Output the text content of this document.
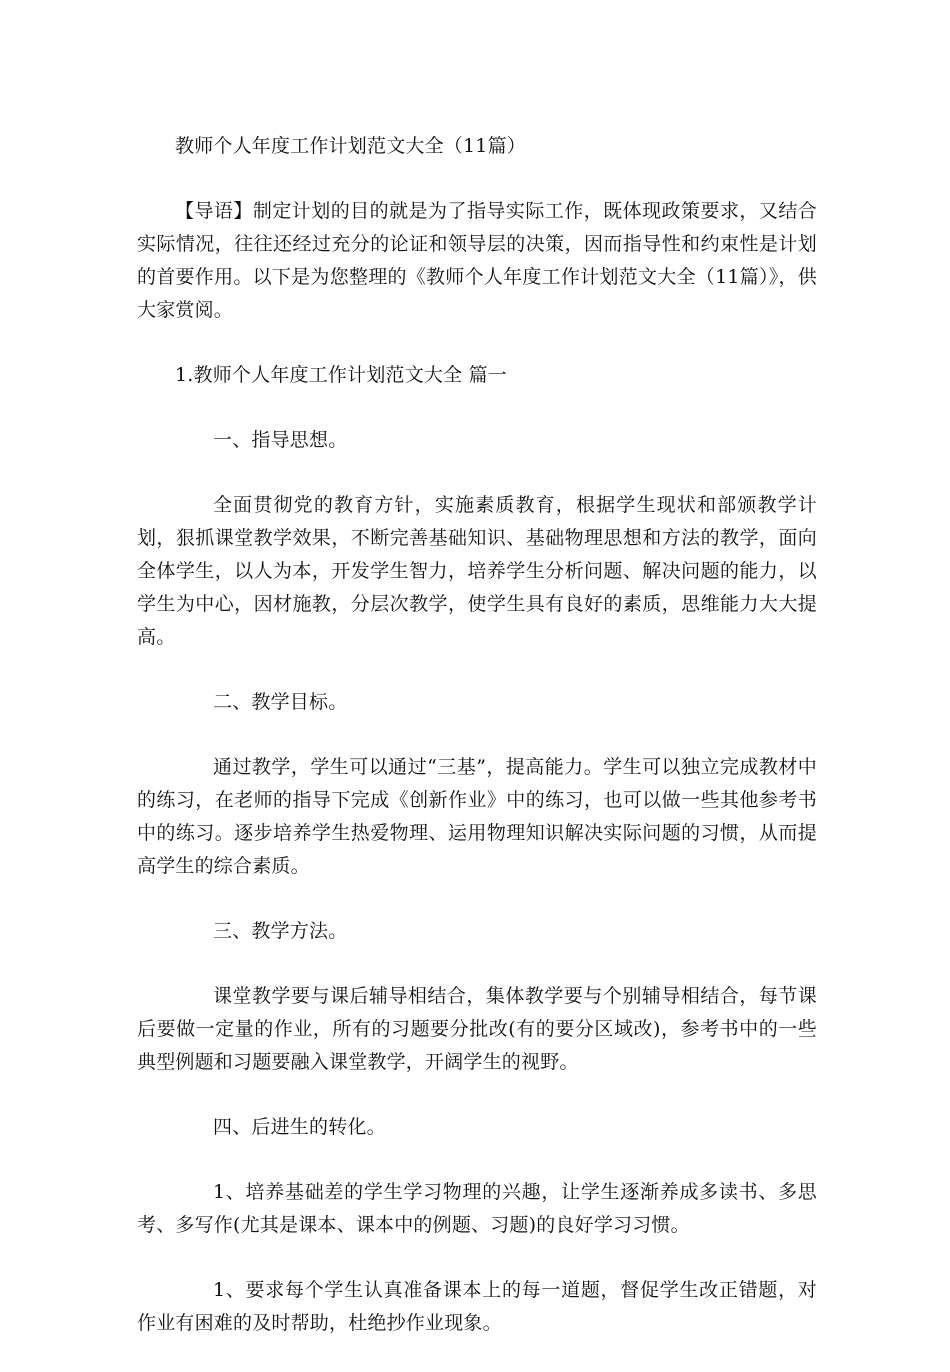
教师个人年度工作计划范文大全（11篇）

【导语】制定计划的目的就是为了指导实际工作，既体现政策要求，又结合实际情况，往往还经过充分的论证和领导层的决策，因而指导性和约束性是计划的首要作用。以下是为您整理的《教师个人年度工作计划范文大全（11篇）》，供大家赏阅。

1.教师个人年度工作计划范文大全 篇一

一、指导思想。

全面贯彻党的教育方针，实施素质教育，根据学生现状和部颁教学计划，狠抓课堂教学效果，不断完善基础知识、基础物理思想和方法的教学，面向全体学生，以人为本，开发学生智力，培养学生分析问题、解决问题的能力，以学生为中心，因材施教，分层次教学，使学生具有良好的素质，思维能力大大提高。

二、教学目标。

通过教学，学生可以通过“三基”，提高能力。学生可以独立完成教材中的练习，在老师的指导下完成《创新作业》中的练习，也可以做一些其他参考书中的练习。逐步培养学生热爱物理、运用物理知识解决实际问题的习惯，从而提高学生的综合素质。

三、教学方法。

课堂教学要与课后辅导相结合，集体教学要与个别辅导相结合，每节课后要做一定量的作业，所有的习题要分批改(有的要分区域改)，参考书中的一些典型例题和习题要融入课堂教学，开阔学生的视野。

四、后进生的转化。

1、培养基础差的学生学习物理的兴趣，让学生逐渐养成多读书、多思考、多写作(尤其是课本、课本中的例题、习题)的良好学习习惯。

1、要求每个学生认真准备课本上的每一道题，督促学生改正错题，对作业有困难的及时帮助，杜绝抄作业现象。
